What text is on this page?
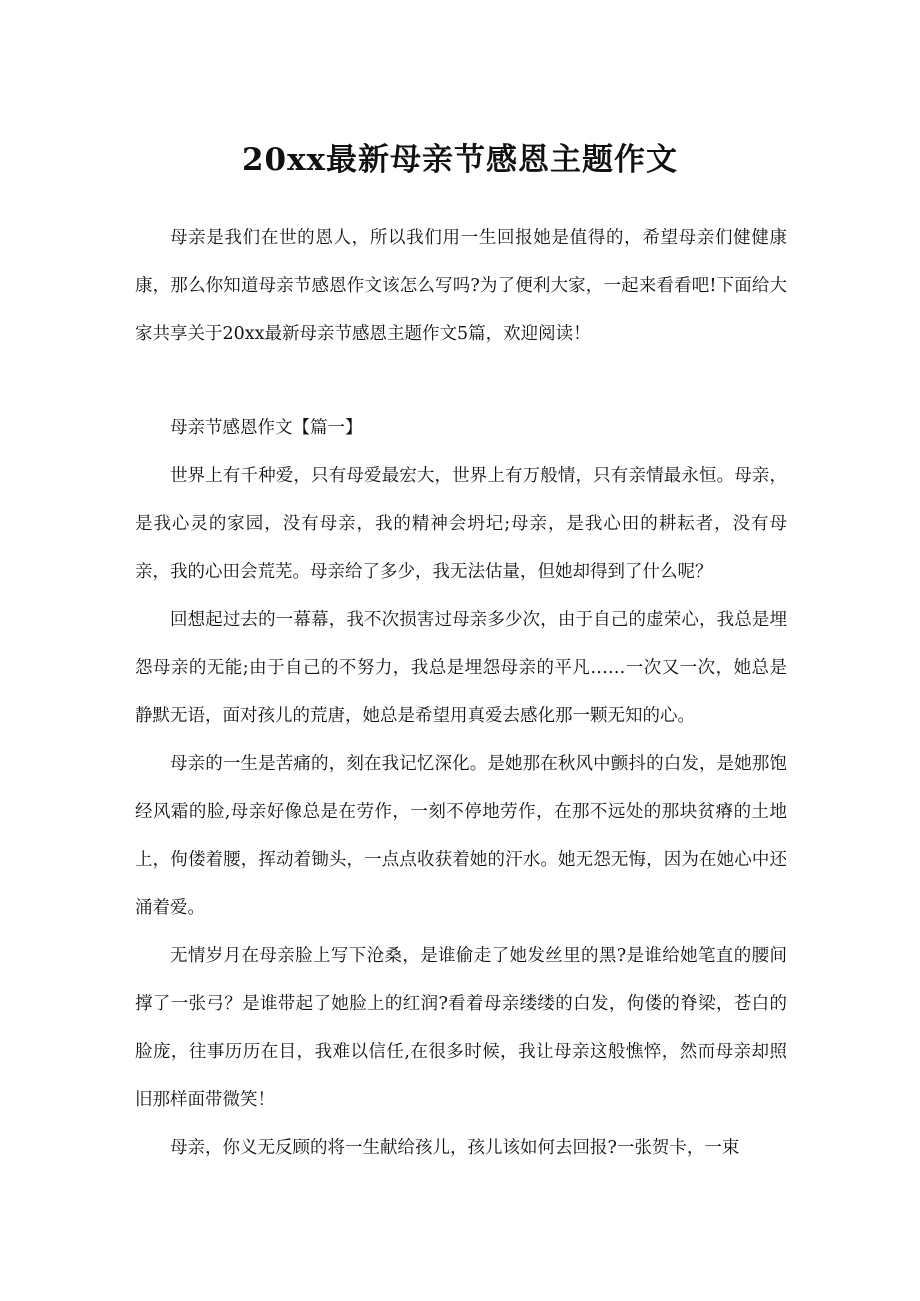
20xx最新母亲节感恩主题作文

母亲是我们在世的恩人，所以我们用一生回报她是值得的，希望母亲们健健康康，那么你知道母亲节感恩作文该怎么写吗?为了便利大家，一起来看看吧!下面给大家共享关于20xx最新母亲节感恩主题作文5篇，欢迎阅读！

母亲节感恩作文【篇一】

世界上有千种爱，只有母爱最宏大，世界上有万般情，只有亲情最永恒。母亲，是我心灵的家园，没有母亲，我的精神会坍圮;母亲，是我心田的耕耘者，没有母亲，我的心田会荒芜。母亲给了多少，我无法估量，但她却得到了什么呢？

回想起过去的一幕幕，我不次损害过母亲多少次，由于自己的虚荣心，我总是埋怨母亲的无能;由于自己的不努力，我总是埋怨母亲的平凡……一次又一次，她总是静默无语，面对孩儿的荒唐，她总是希望用真爱去感化那一颗无知的心。

母亲的一生是苦痛的，刻在我记忆深化。是她那在秋风中颤抖的白发，是她那饱经风霜的脸,母亲好像总是在劳作，一刻不停地劳作，在那不远处的那块贫瘠的土地上，佝偻着腰，挥动着锄头，一点点收获着她的汗水。她无怨无悔，因为在她心中还涌着爱。

无情岁月在母亲脸上写下沧桑，是谁偷走了她发丝里的黑?是谁给她笔直的腰间撑了一张弓？是谁带起了她脸上的红润?看着母亲缕缕的白发，佝偻的脊梁，苍白的脸庞，往事历历在目，我难以信任,在很多时候，我让母亲这般憔悴，然而母亲却照旧那样面带微笑！

母亲，你义无反顾的将一生献给孩儿，孩儿该如何去回报?一张贺卡，一束
